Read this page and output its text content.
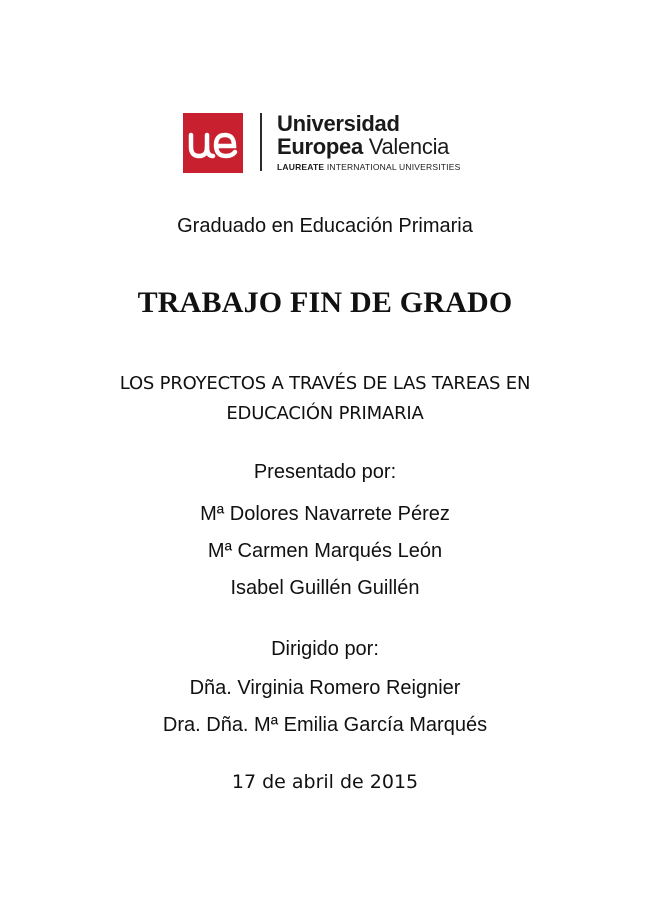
Universidad
Europea Valencia
LAUREATE INTERNATIONAL UNIVERSITIES
Graduado en Educación Primaria
TRABAJO FIN DE GRADO
LOS PROYECTOS A TRAVÉS DE LAS TAREAS EN
EDUCACIÓN PRIMARIA
Presentado por:
Mª Dolores Navarrete Pérez
Mª Carmen Marqués León
Isabel Guillén Guillén
Dirigido por:
Dña. Virginia Romero Reignier
Dra. Dña. Mª Emilia García Marqués
17 de abril de 2015
